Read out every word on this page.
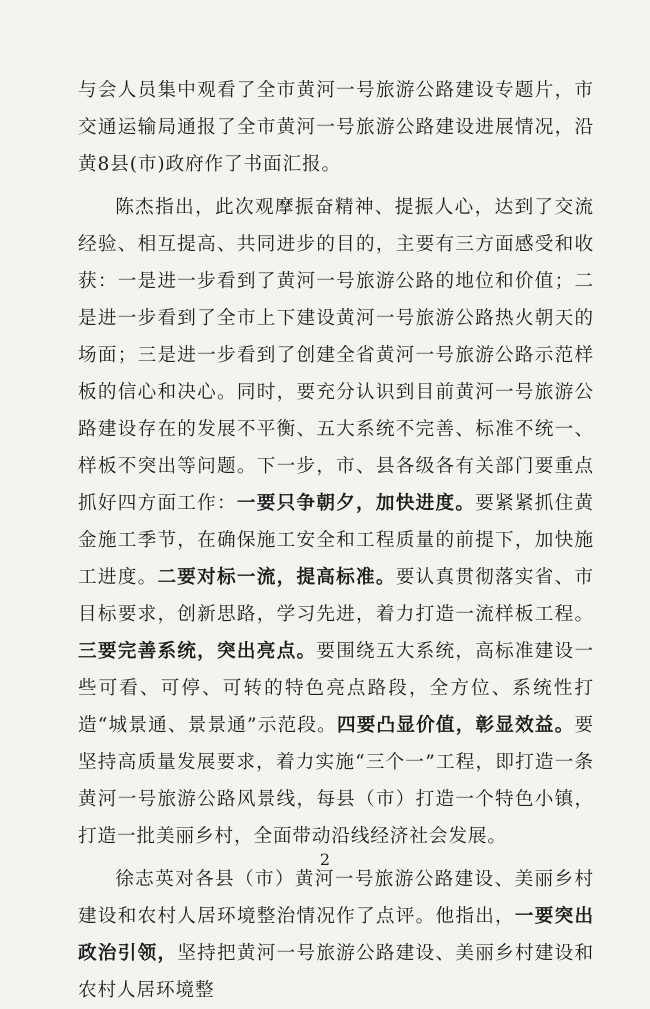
与会人员集中观看了全市黄河一号旅游公路建设专题片，市交通运输局通报了全市黄河一号旅游公路建设进展情况，沿黄8县(市)政府作了书面汇报。

陈杰指出，此次观摩振奋精神、提振人心，达到了交流经验、相互提高、共同进步的目的，主要有三方面感受和收获：一是进一步看到了黄河一号旅游公路的地位和价值；二是进一步看到了全市上下建设黄河一号旅游公路热火朝天的场面；三是进一步看到了创建全省黄河一号旅游公路示范样板的信心和决心。同时，要充分认识到目前黄河一号旅游公路建设存在的发展不平衡、五大系统不完善、标准不统一、样板不突出等问题。下一步，市、县各级各有关部门要重点抓好四方面工作：一要只争朝夕，加快进度。要紧紧抓住黄金施工季节，在确保施工安全和工程质量的前提下，加快施工进度。二要对标一流，提高标准。要认真贯彻落实省、市目标要求，创新思路，学习先进，着力打造一流样板工程。三要完善系统，突出亮点。要围绕五大系统，高标准建设一些可看、可停、可转的特色亮点路段，全方位、系统性打造“城景通、景景通”示范段。四要凸显价值，彰显效益。要坚持高质量发展要求，着力实施“三个一”工程，即打造一条黄河一号旅游公路风景线，每县（市）打造一个特色小镇，打造一批美丽乡村，全面带动沿线经济社会发展。

徐志英对各县（市）黄河一号旅游公路建设、美丽乡村建设和农村人居环境整治情况作了点评。他指出，一要突出政治引领，坚持把黄河一号旅游公路建设、美丽乡村建设和农村人居环境整

2
